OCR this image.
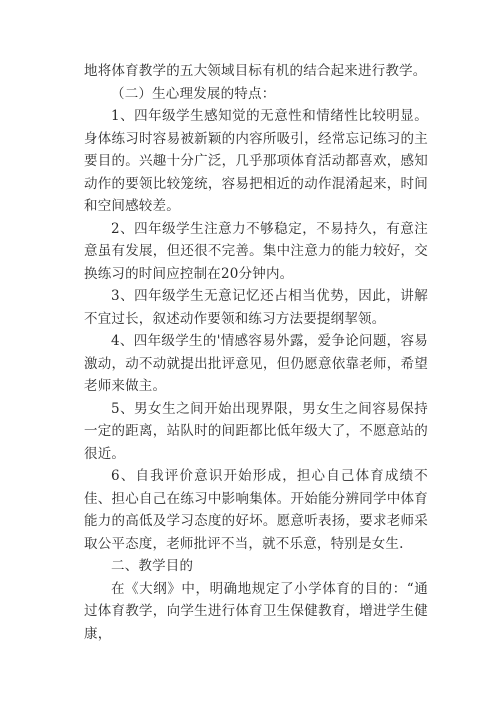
地将体育教学的五大领域目标有机的结合起来进行教学。

（二）生心理发展的特点：

1、四年级学生感知觉的无意性和情绪性比较明显。身体练习时容易被新颖的内容所吸引，经常忘记练习的主要目的。兴趣十分广泛，几乎那项体育活动都喜欢，感知动作的要领比较笼统，容易把相近的动作混淆起来，时间和空间感较差。

2、四年级学生注意力不够稳定，不易持久，有意注意虽有发展，但还很不完善。集中注意力的能力较好，交换练习的时间应控制在20分钟内。

3、四年级学生无意记忆还占相当优势，因此，讲解不宜过长，叙述动作要领和练习方法要提纲挈领。

4、四年级学生的'情感容易外露，爱争论问题，容易激动，动不动就提出批评意见，但仍愿意依靠老师，希望老师来做主。

5、男女生之间开始出现界限，男女生之间容易保持一定的距离，站队时的间距都比低年级大了，不愿意站的很近。

6、自我评价意识开始形成，担心自己体育成绩不佳、担心自己在练习中影响集体。开始能分辨同学中体育能力的高低及学习态度的好坏。愿意听表扬，要求老师采取公平态度，老师批评不当，就不乐意，特别是女生.

二、教学目的

在《大纲》中，明确地规定了小学体育的目的：“通过体育教学，向学生进行体育卫生保健教育，增进学生健康，
